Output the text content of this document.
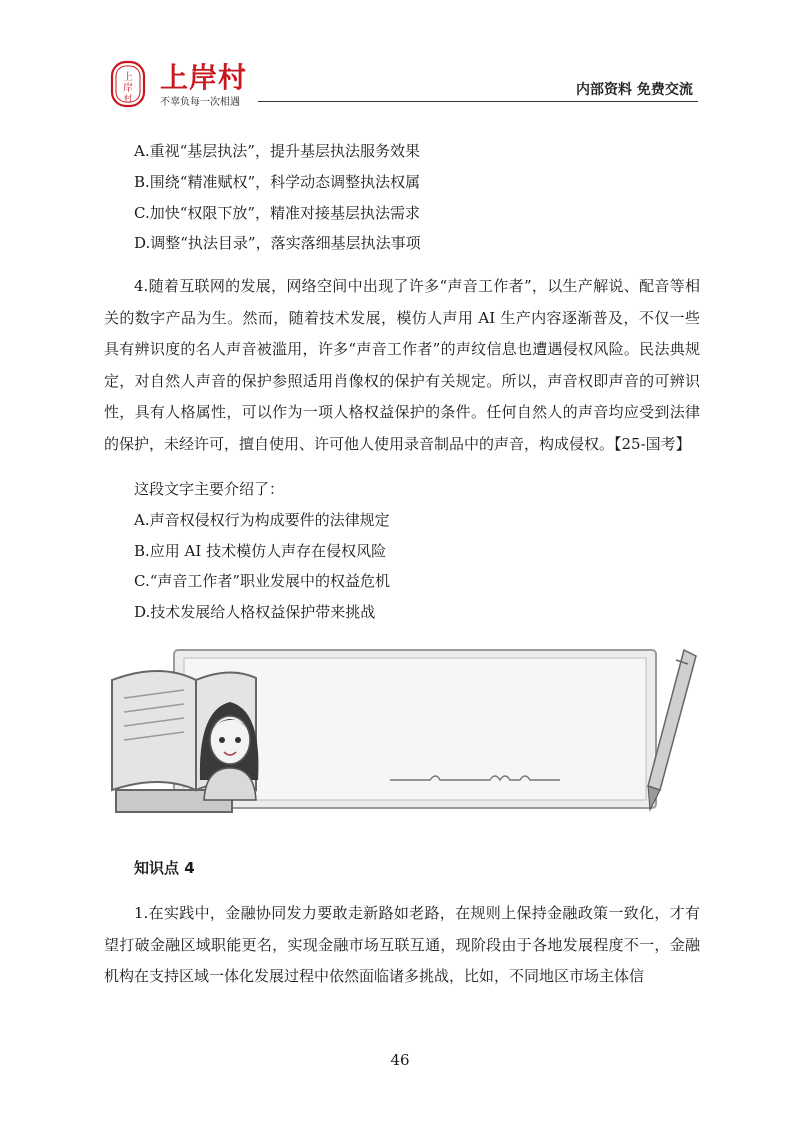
上
岸
村
上岸村
不辜负每一次相遇
内部资料 免费交流
A.重视“基层执法”，提升基层执法服务效果
B.围绕“精准赋权”，科学动态调整执法权属
C.加快“权限下放”，精准对接基层执法需求
D.调整“执法目录”，落实落细基层执法事项
4.随着互联网的发展，网络空间中出现了许多“声音工作者”，以生产解说、配音等相关的数字产品为生。然而，随着技术发展，模仿人声用 AI 生产内容逐渐普及，不仅一些具有辨识度的名人声音被滥用，许多“声音工作者”的声纹信息也遭遇侵权风险。民法典规定，对自然人声音的保护参照适用肖像权的保护有关规定。所以，声音权即声音的可辨识性，具有人格属性，可以作为一项人格权益保护的条件。任何自然人的声音均应受到法律的保护，未经许可，擅自使用、许可他人使用录音制品中的声音，构成侵权。【25-国考】
这段文字主要介绍了：
A.声音权侵权行为构成要件的法律规定
B.应用 AI 技术模仿人声存在侵权风险
C.“声音工作者”职业发展中的权益危机
D.技术发展给人格权益保护带来挑战
知识点 4
1.在实践中，金融协同发力要敢走新路如老路，在规则上保持金融政策一致化，才有望打破金融区域职能更名，实现金融市场互联互通，现阶段由于各地发展程度不一，金融机构在支持区域一体化发展过程中依然面临诸多挑战，比如，不同地区市场主体信
46
